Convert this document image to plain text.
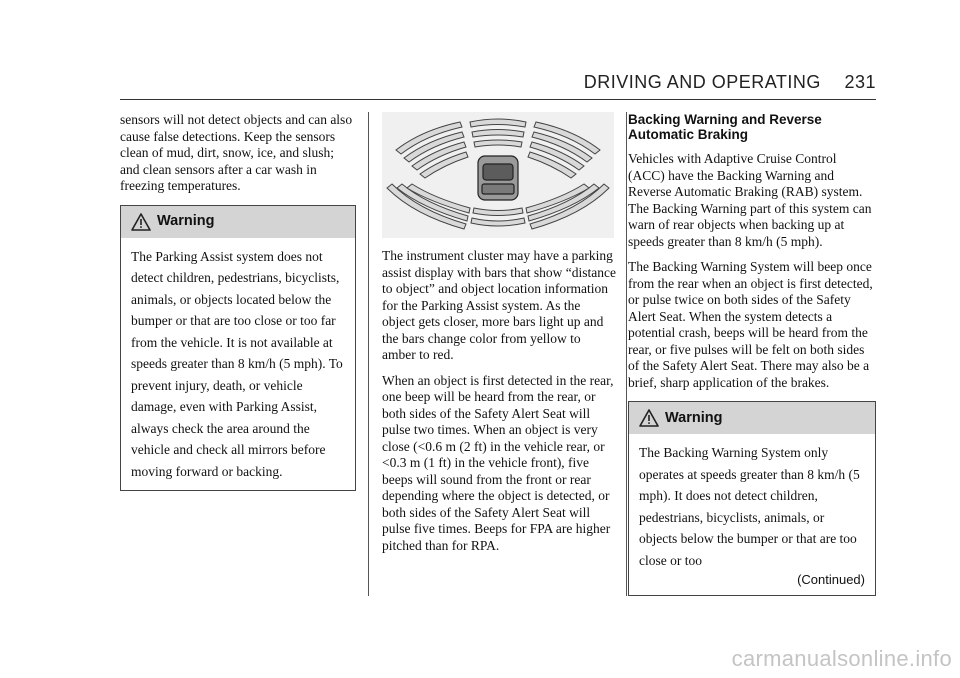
DRIVING AND OPERATING 231

sensors will not detect objects and can also cause false detections. Keep the sensors clean of mud, dirt, snow, ice, and slush; and clean sensors after a car wash in freezing temperatures.

Warning
The Parking Assist system does not detect children, pedestrians, bicyclists, animals, or objects located below the bumper or that are too close or too far from the vehicle. It is not available at speeds greater than 8 km/h (5 mph). To prevent injury, death, or vehicle damage, even with Parking Assist, always check the area around the vehicle and check all mirrors before moving forward or backing.

The instrument cluster may have a parking assist display with bars that show “distance to object” and object location information for the Parking Assist system. As the object gets closer, more bars light up and the bars change color from yellow to amber to red.

When an object is first detected in the rear, one beep will be heard from the rear, or both sides of the Safety Alert Seat will pulse two times. When an object is very close (<0.6 m (2 ft) in the vehicle rear, or <0.3 m (1 ft) in the vehicle front), five beeps will sound from the front or rear depending where the object is detected, or both sides of the Safety Alert Seat will pulse five times. Beeps for FPA are higher pitched than for RPA.

Backing Warning and Reverse Automatic Braking

Vehicles with Adaptive Cruise Control (ACC) have the Backing Warning and Reverse Automatic Braking (RAB) system. The Backing Warning part of this system can warn of rear objects when backing up at speeds greater than 8 km/h (5 mph).

The Backing Warning System will beep once from the rear when an object is first detected, or pulse twice on both sides of the Safety Alert Seat. When the system detects a potential crash, beeps will be heard from the rear, or five pulses will be felt on both sides of the Safety Alert Seat. There may also be a brief, sharp application of the brakes.

Warning
The Backing Warning System only operates at speeds greater than 8 km/h (5 mph). It does not detect children, pedestrians, bicyclists, animals, or objects below the bumper or that are too close or too
(Continued)
carmanualsonline.info
